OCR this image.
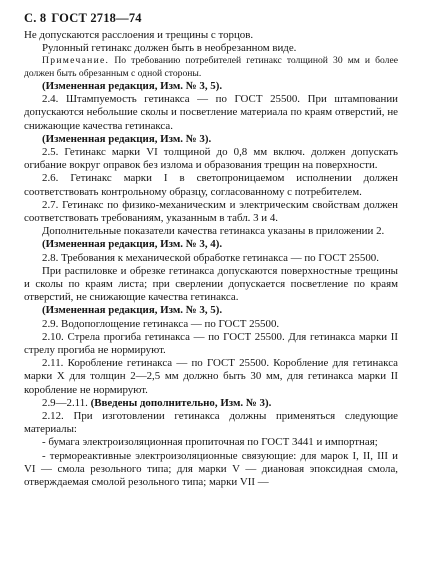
С. 8 ГОСТ 2718—74

Не допускаются расслоения и трещины с торцов.

Рулонный гетинакс должен быть в необрезанном виде.

Примечание. По требованию потребителей гетинакс толщиной 30 мм и более должен быть обрезанным с одной стороны.

(Измененная редакция, Изм. № 3, 5).

2.4. Штампуемость гетинакса — по ГОСТ 25500. При штамповании допускаются небольшие сколы и посветление материала по краям отверстий, не снижающие качества гетинакса.

(Измененная редакция, Изм. № 3).

2.5. Гетинакс марки VI толщиной до 0,8 мм включ. должен допускать огибание вокруг оправок без излома и образования трещин на поверхности.

2.6. Гетинакс марки I в светопроницаемом исполнении должен соответствовать контрольному образцу, согласованному с потребителем.

2.7. Гетинакс по физико-механическим и электрическим свойствам должен соответствовать требованиям, указанным в табл. 3 и 4.

Дополнительные показатели качества гетинакса указаны в приложении 2.

(Измененная редакция, Изм. № 3, 4).

2.8. Требования к механической обработке гетинакса — по ГОСТ 25500.

При распиловке и обрезке гетинакса допускаются поверхностные трещины и сколы по краям листа; при сверлении допускается посветление по краям отверстий, не снижающие качества гетинакса.

(Измененная редакция, Изм. № 3, 5).

2.9. Водопоглощение гетинакса — по ГОСТ 25500.

2.10. Стрела прогиба гетинакса — по ГОСТ 25500. Для гетинакса марки II стрелу прогиба не нормируют.

2.11. Коробление гетинакса — по ГОСТ 25500. Коробление для гетинакса марки X для толщин 2—2,5 мм должно быть 30 мм, для гетинакса марки II коробление не нормируют.

2.9—2.11. (Введены дополнительно, Изм. № 3).

2.12. При изготовлении гетинакса должны применяться следующие материалы:

- бумага электроизоляционная пропиточная по ГОСТ 3441 и импортная;

- термореактивные электроизоляционные связующие: для марок I, II, III и VI — смола резольного типа; для марки V — диановая эпоксидная смола, отверждаемая смолой резольного типа; марки VII —
